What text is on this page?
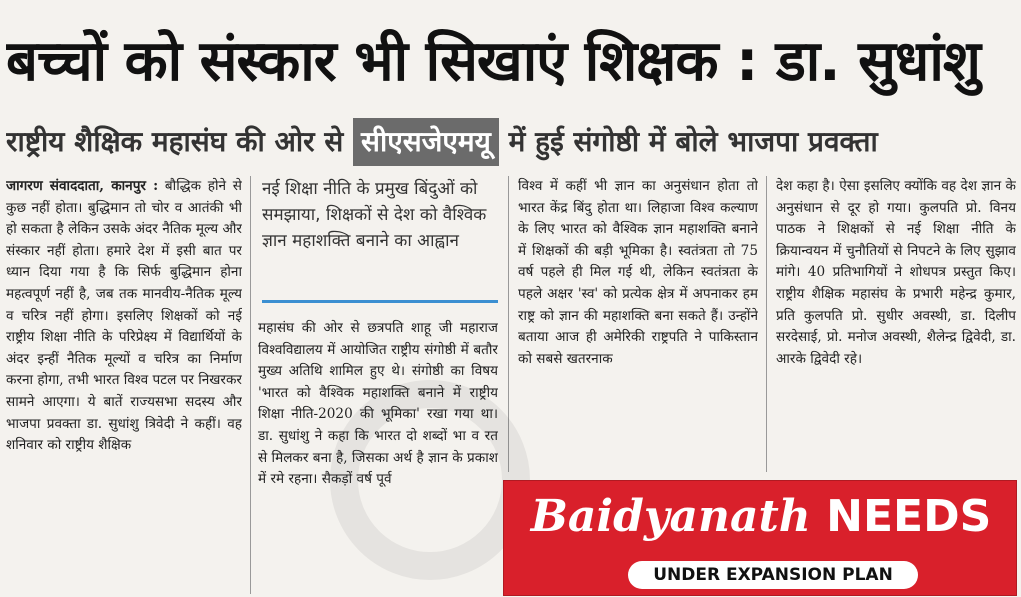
बच्चों को संस्कार भी सिखाएं शिक्षक : डा. सुधांशु
राष्ट्रीय शैक्षिक महासंघ की ओर से सीएसजेएमयू में हुई संगोष्ठी में बोले भाजपा प्रवक्ता

जागरण संवाददाता, कानपुर : बौद्धिक होने से कुछ नहीं होता। बुद्धिमान तो चोर व आतंकी भी हो सकता है लेकिन उसके अंदर नैतिक मूल्य और संस्कार नहीं होता। हमारे देश में इसी बात पर ध्यान दिया गया है कि सिर्फ बुद्धिमान होना महत्वपूर्ण नहीं है, जब तक मानवीय-नैतिक मूल्य व चरित्र नहीं होगा। इसलिए शिक्षकों को नई राष्ट्रीय शिक्षा नीति के परिप्रेक्ष्य में विद्यार्थियों के अंदर इन्हीं नैतिक मूल्यों व चरित्र का निर्माण करना होगा, तभी भारत विश्व पटल पर निखरकर सामने आएगा। ये बातें राज्यसभा सदस्य और भाजपा प्रवक्ता डा. सुधांशु त्रिवेदी ने कहीं। वह शनिवार को राष्ट्रीय शैक्षिक

नई शिक्षा नीति के प्रमुख बिंदुओं को समझाया, शिक्षकों से देश को वैश्विक ज्ञान महाशक्ति बनाने का आह्वान

महासंघ की ओर से छत्रपति शाहू जी महाराज विश्वविद्यालय में आयोजित राष्ट्रीय संगोष्ठी में बतौर मुख्य अतिथि शामिल हुए थे। संगोष्ठी का विषय 'भारत को वैश्विक महाशक्ति बनाने में राष्ट्रीय शिक्षा नीति-2020 की भूमिका' रखा गया था। डा. सुधांशु ने कहा कि भारत दो शब्दों भा व रत से मिलकर बना है, जिसका अर्थ है ज्ञान के प्रकाश में रमे रहना। सैकड़ों वर्ष पूर्व

विश्व में कहीं भी ज्ञान का अनुसंधान होता तो भारत केंद्र बिंदु होता था। लिहाजा विश्व कल्याण के लिए भारत को वैश्विक ज्ञान महाशक्ति बनाने में शिक्षकों की बड़ी भूमिका है। स्वतंत्रता तो 75 वर्ष पहले ही मिल गई थी, लेकिन स्वतंत्रता के पहले अक्षर 'स्व' को प्रत्येक क्षेत्र में अपनाकर हम राष्ट्र को ज्ञान की महाशक्ति बना सकते हैं। उन्होंने बताया आज ही अमेरिकी राष्ट्रपति ने पाकिस्तान को सबसे खतरनाक

देश कहा है। ऐसा इसलिए क्योंकि वह देश ज्ञान के अनुसंधान से दूर हो गया। कुलपति प्रो. विनय पाठक ने शिक्षकों से नई शिक्षा नीति के क्रियान्वयन में चुनौतियों से निपटने के लिए सुझाव मांगे। 40 प्रतिभागियों ने शोधपत्र प्रस्तुत किए। राष्ट्रीय शैक्षिक महासंघ के प्रभारी महेन्द्र कुमार, प्रति कुलपति प्रो. सुधीर अवस्थी, डा. दिलीप सरदेसाई, प्रो. मनोज अवस्थी, शैलेन्द्र द्विवेदी, डा. आरके द्विवेदी रहे।

Baidyanath NEEDS
UNDER EXPANSION PLAN
